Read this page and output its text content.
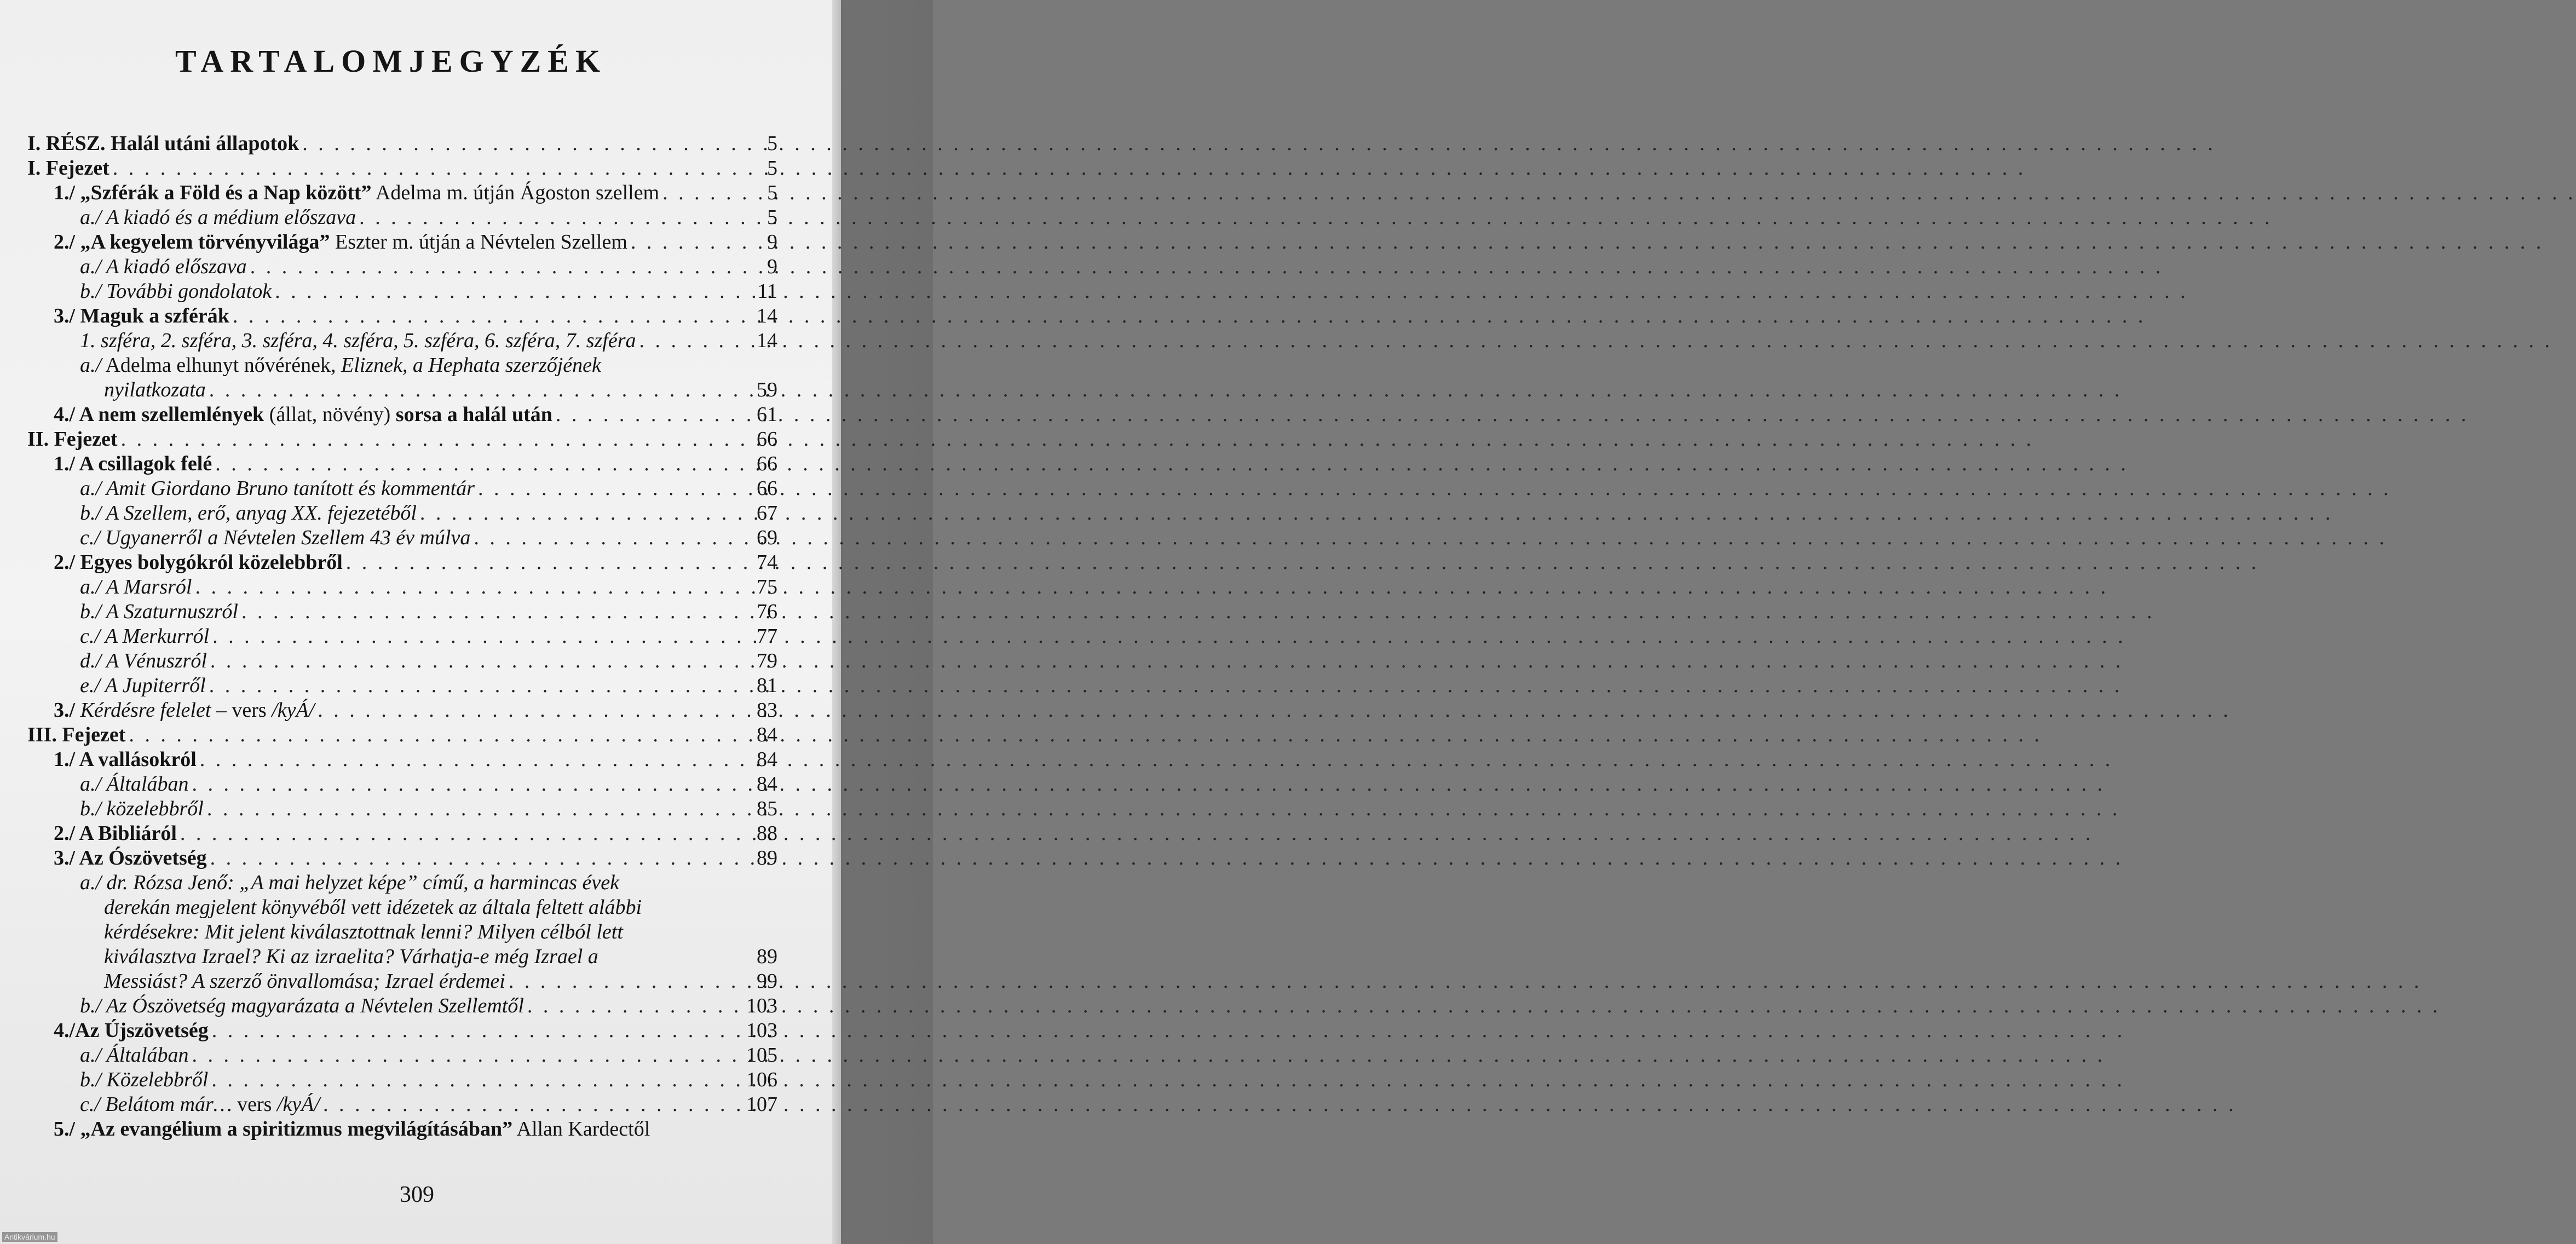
TARTALOMJEGYZÉK
I. RÉSZ. Halál utáni állapotok . . .	5
I. Fejezet . . .	5
1./ „Szférák a Föld és a Nap között” Adelma m. útján Ágoston szellem . . .	5
a./ A kiadó és a médium előszava . . .	5
2./ „A kegyelem törvényvilága” Eszter m. útján a Névtelen Szellem . . .	9
a./ A kiadó előszava . . .	9
b./ További gondolatok . . .	11
3./ Maguk a szférák . . .	14
1. szféra, 2. szféra, 3. szféra, 4. szféra, 5. szféra, 6. szféra, 7. szféra . . .	14
a./ Adelma elhunyt nővérének, Eliznek, a Hephata szerzőjének
nyilatkozata . . .	59
4./ A nem szellemlények (állat, növény) sorsa a halál után . . .	61
II. Fejezet . . .	66
1./ A csillagok felé . . .	66
a./ Amit Giordano Bruno tanított és kommentár . . .	66
b./ A Szellem, erő, anyag XX. fejezetéből . . .	67
c./ Ugyanerről a Névtelen Szellem 43 év múlva . . .	69
2./ Egyes bolygókról közelebbről . . .	74
a./ A Marsról . . .	75
b./ A Szaturnuszról . . .	76
c./ A Merkurról . . .	77
d./ A Vénuszról . . .	79
e./ A Jupiterről . . .	81
3./ Kérdésre felelet – vers /kyÁ/ . . .	83
III. Fejezet . . .	84
1./ A vallásokról . . .	84
a./ Általában . . .	84
b./ közelebbről . . .	85
2./ A Bibliáról . . .	88
3./ Az Ószövetség . . .	89
a./ dr. Rózsa Jenő: „A mai helyzet képe” című, a harmincas évek
derekán megjelent könyvéből vett idézetek az általa feltett alábbi
kérdésekre: Mit jelent kiválasztottnak lenni? Milyen célból lett
kiválasztva Izrael? Ki az izraelita? Várhatja-e még Izrael a	89
Messiást? A szerző önvallomása; Izrael érdemei . . .	99
b./ Az Ószövetség magyarázata a Névtelen Szellemtől . . .	103
4./Az Újszövetség . . .	103
a./ Általában . . .	105
b./ Közelebbről . . .	106
c./ Belátom már… vers /kyÁ/ . . .	107
5./ „Az evangélium a spiritizmus megvilágításában” Allan Kardectől
309
Antikvárium.hu
